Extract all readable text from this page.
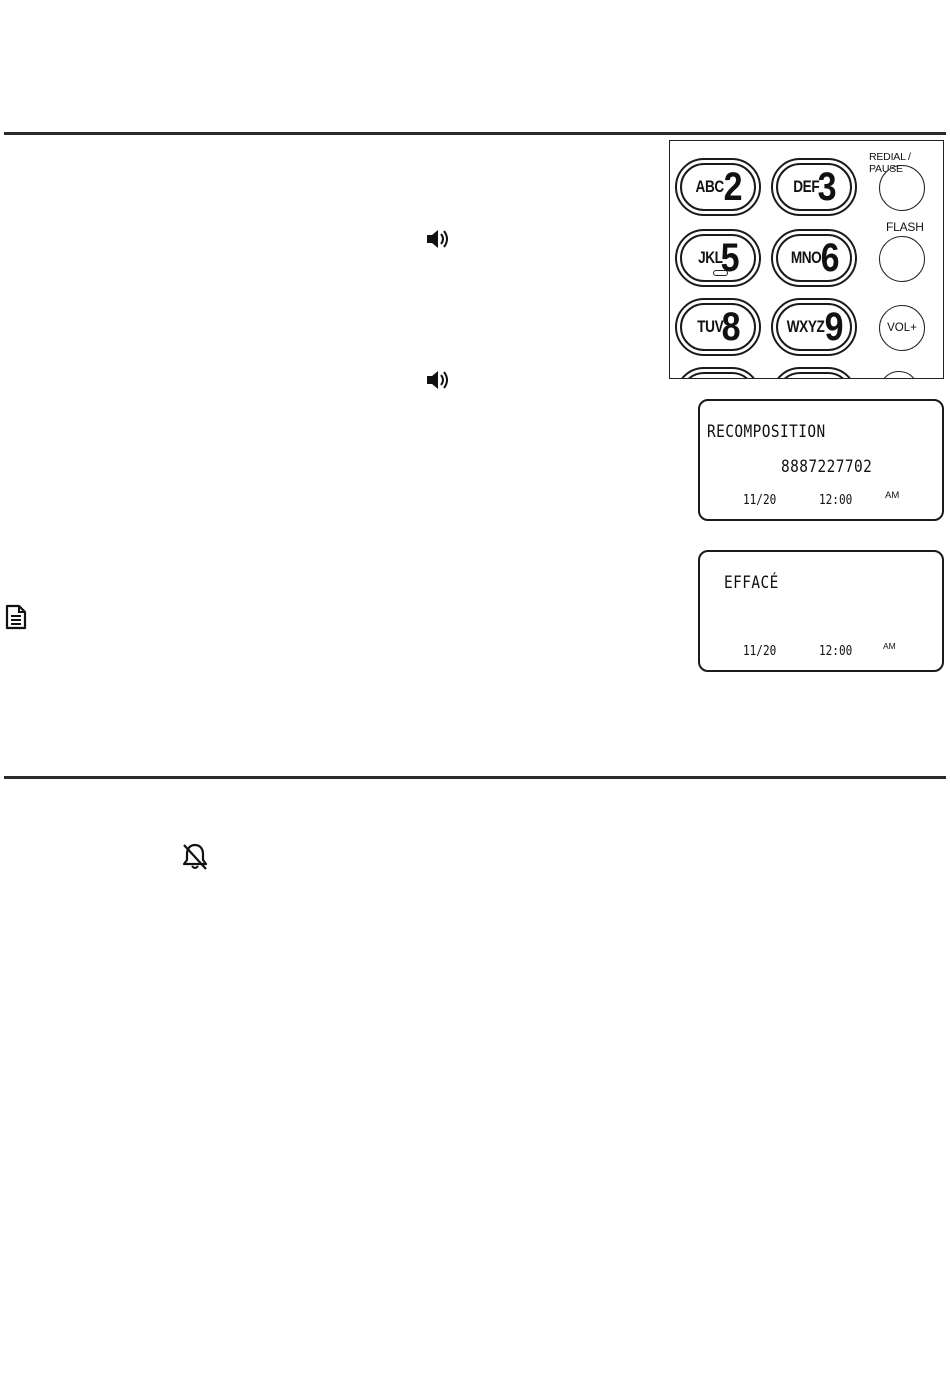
ABC 2	DEF
3
JKL
5	MNO 6
TUV
8	WXYZ 9
REDIAL / PAUSE
FLASH
VOL+
RECOMPOSITION
8887227702
11/20	12:00	AM
EFFACÉ
11/20	12:00	AM
